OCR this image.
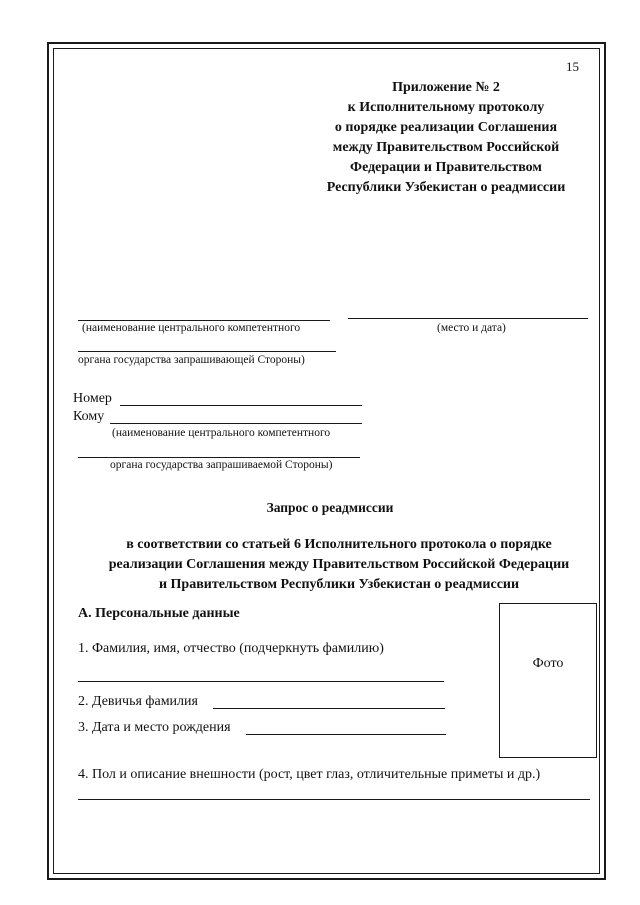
15
Приложение № 2
к Исполнительному протоколу
о порядке реализации Соглашения
между Правительством Российской
Федерации и Правительством
Республики Узбекистан о реадмиссии
(наименование центрального компетентного	(место и дата)
органа государства запрашивающей Стороны)
Номер
Кому
(наименование центрального компетентного
органа государства запрашиваемой Стороны)
Запрос о реадмиссии
в соответствии со статьей 6 Исполнительного протокола о порядке
реализации Соглашения между Правительством Российской Федерации
и Правительством Республики Узбекистан о реадмиссии
А. Персональные данные
1. Фамилия, имя, отчество (подчеркнуть фамилию)
2. Девичья фамилия
3. Дата и место рождения
4. Пол и описание внешности (рост, цвет глаз, отличительные приметы и др.)
Фото
